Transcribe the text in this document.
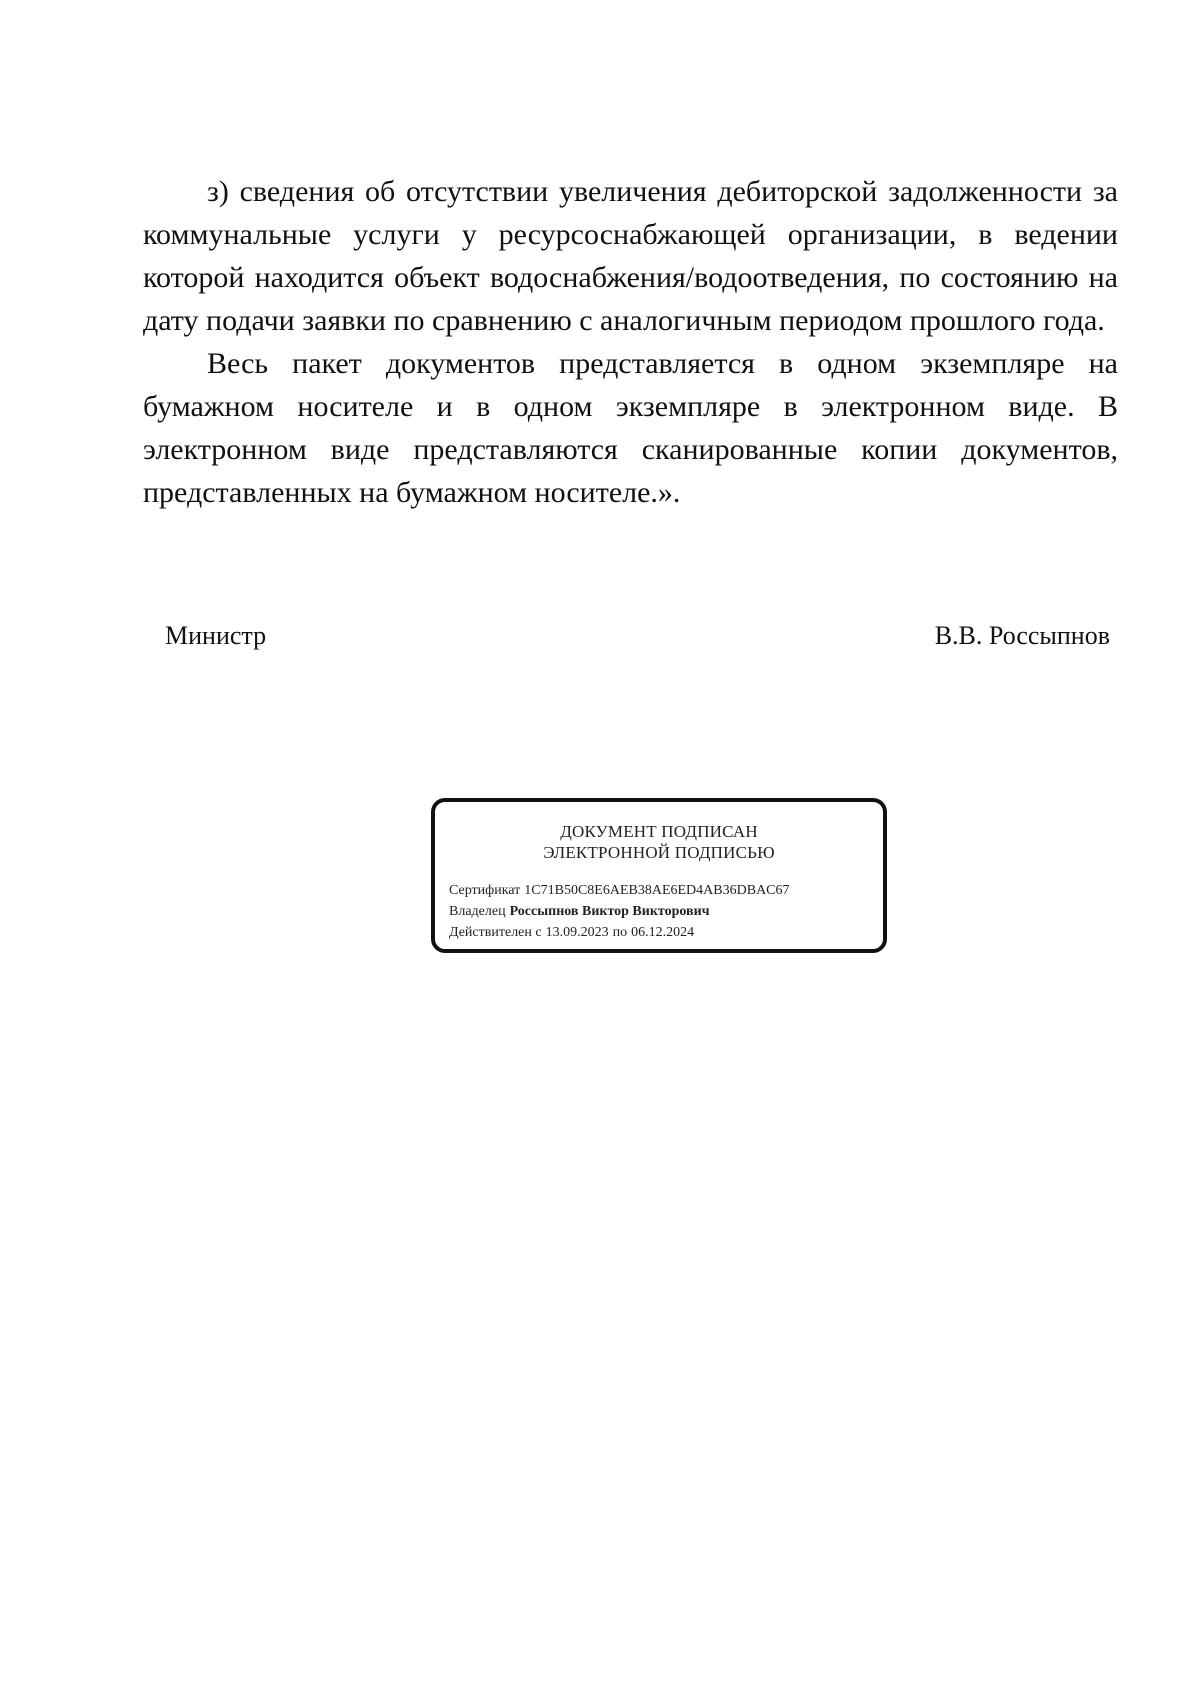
з) сведения об отсутствии увеличения дебиторской задолженности за коммунальные услуги у ресурсоснабжающей организации, в ведении которой находится объект водоснабжения/водоотведения, по состоянию на дату подачи заявки по сравнению с аналогичным периодом прошлого года.

Весь пакет документов представляется в одном экземпляре на бумажном носителе и в одном экземпляре в электронном виде. В электронном виде представляются сканированные копии документов, представленных на бумажном носителе.».

Министр	В.В. Россыпнов
ДОКУМЕНТ ПОДПИСАН
ЭЛЕКТРОННОЙ ПОДПИСЬЮ
Сертификат 1C71B50C8E6AEB38AE6ED4AB36DBAC67
Владелец Россыпнов Виктор Викторович
Действителен с 13.09.2023 по 06.12.2024
